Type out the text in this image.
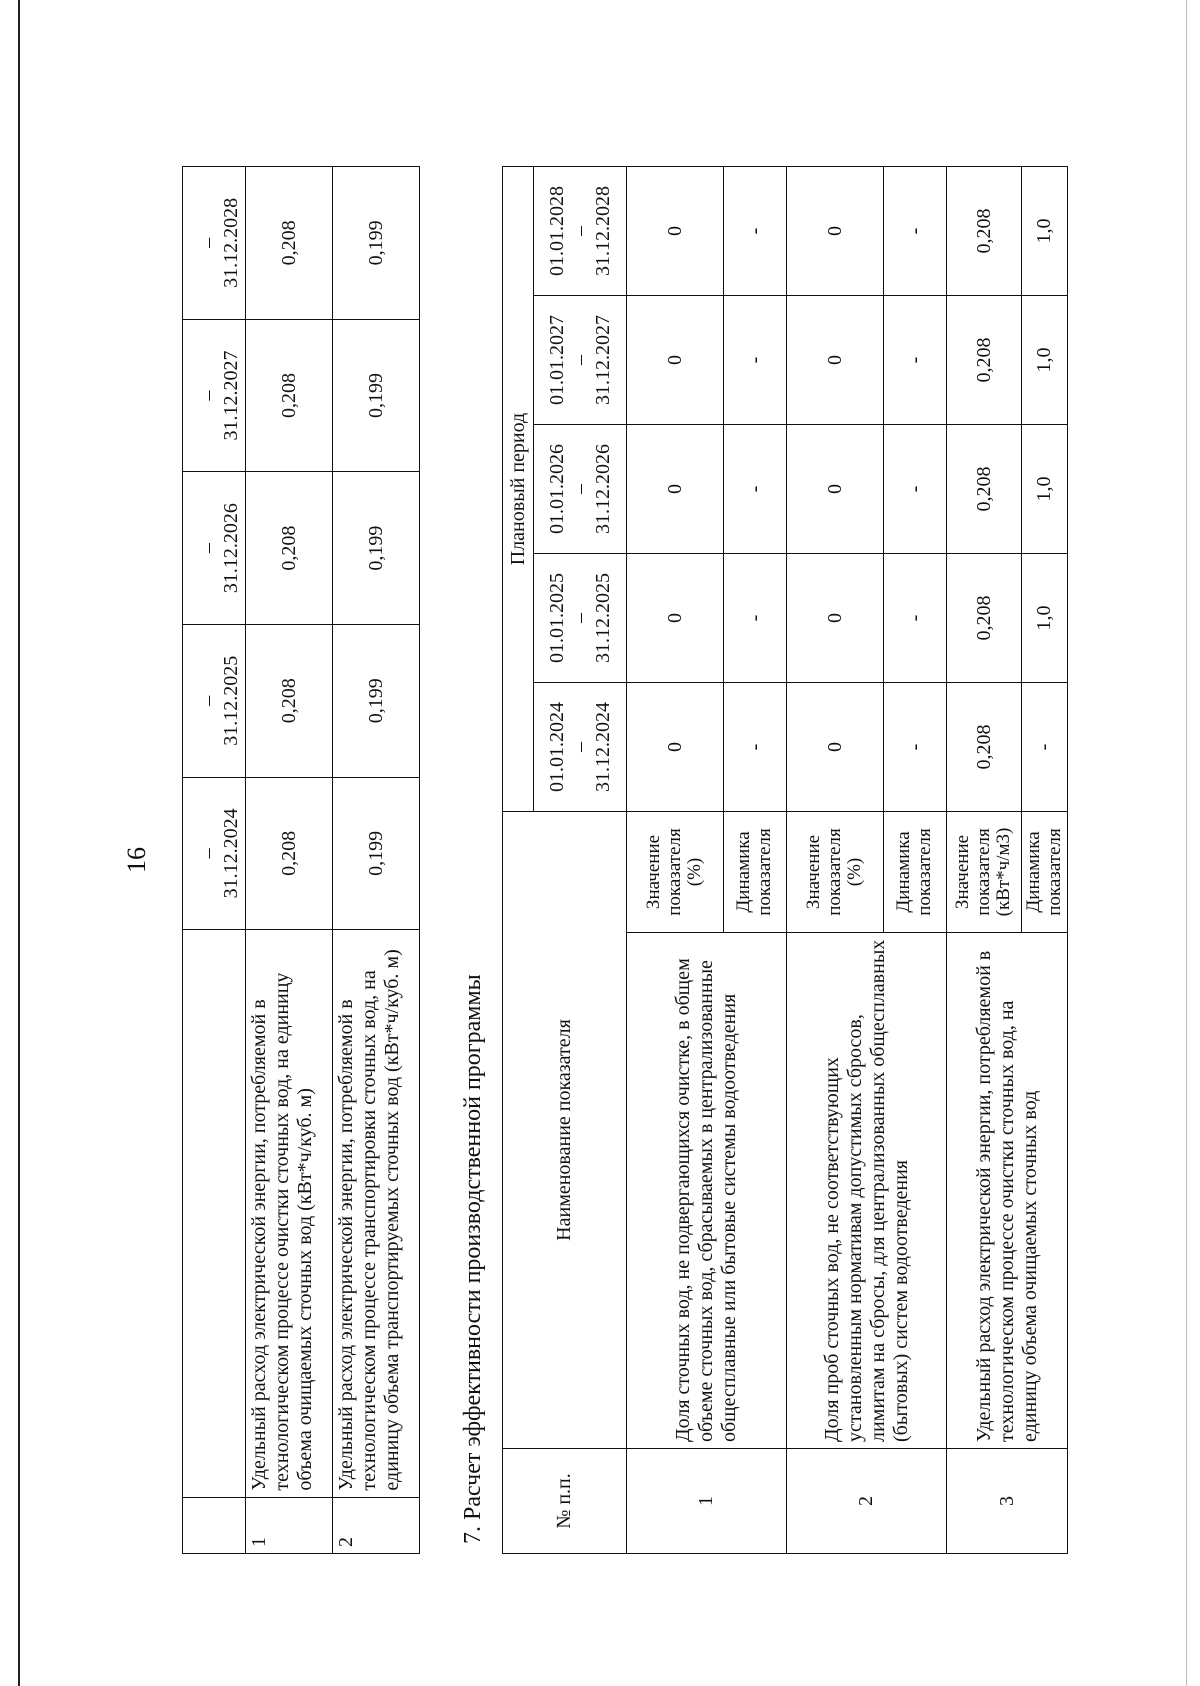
16

		– 31.12.2024	– 31.12.2025	– 31.12.2026	– 31.12.2027	– 31.12.2028
1	Удельный расход электрической энергии, потребляемой в технологическом процессе очистки сточных вод, на единицу объема очищаемых сточных вод (кВт*ч/куб. м)	0,208	0,208	0,208	0,208	0,208
2	Удельный расход электрической энергии, потребляемой в технологическом процессе транспортировки сточных вод, на единицу объема транспортируемых сточных вод (кВт*ч/куб. м)	0,199	0,199	0,199	0,199	0,199
7. Расчет эффективности производственной программы	№ п.п.	Наименование показателя		Плановый период				

			01.01.2024 – 31.12.2024	01.01.2025 – 31.12.2025	01.01.2026 – 31.12.2026	01.01.2027 – 31.12.2027	01.01.2028 – 31.12.2028
1	Доля сточных вод, не подвергающихся очистке, в общем объеме сточных вод, сбрасываемых в централизованные общесплавные или бытовые системы водоотведения	Значение показателя (%)	0	0	0	0	0
		Динамика показателя	-	-	-	-	-
2	Доля проб сточных вод, не соответствующих установленным нормативам допустимых сбросов, лимитам на сбросы, для централизованных общесплавных (бытовых) систем водоотведения	Значение показателя (%)	0	0	0	0	0
		Динамика показателя	-	-	-	-	-
3	Удельный расход электрической энергии, потребляемой в технологическом процессе очистки сточных вод, на единицу объема очищаемых сточных вод	Значение показателя (кВт*ч/м3)	0,208	0,208	0,208	0,208	0,208
		Динамика показателя	-	1,0	1,0	1,0	1,0
